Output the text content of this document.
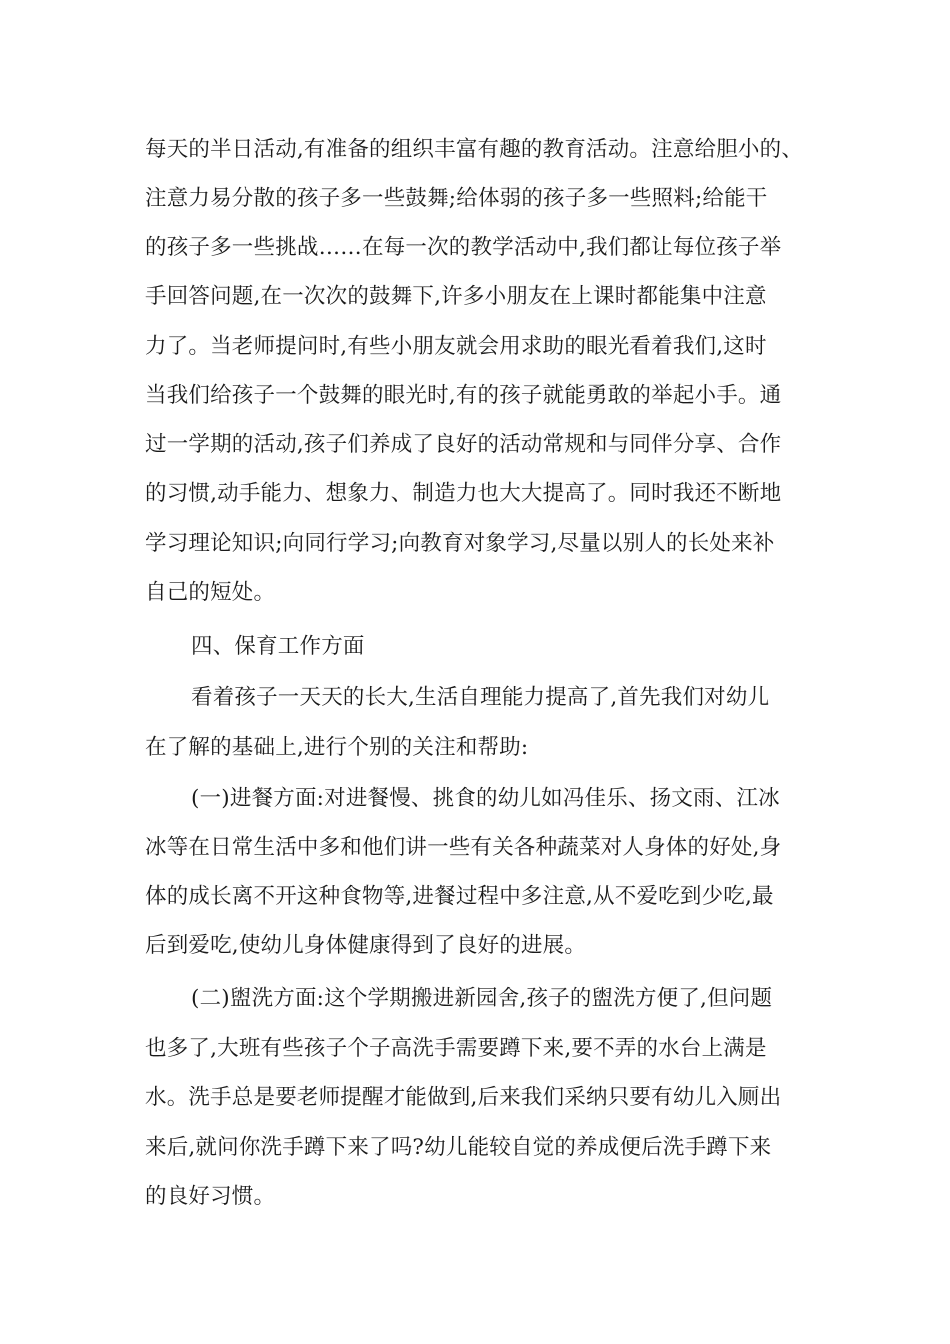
每天的半日活动,有准备的组织丰富有趣的教育活动。注意给胆小的、
注意力易分散的孩子多一些鼓舞;给体弱的孩子多一些照料;给能干
的孩子多一些挑战……在每一次的教学活动中,我们都让每位孩子举
手回答问题,在一次次的鼓舞下,许多小朋友在上课时都能集中注意
力了。当老师提问时,有些小朋友就会用求助的眼光看着我们,这时
当我们给孩子一个鼓舞的眼光时,有的孩子就能勇敢的举起小手。通
过一学期的活动,孩子们养成了良好的活动常规和与同伴分享、合作
的习惯,动手能力、想象力、制造力也大大提高了。同时我还不断地
学习理论知识;向同行学习;向教育对象学习,尽量以别人的长处来补
自己的短处。
四、保育工作方面
看着孩子一天天的长大,生活自理能力提高了,首先我们对幼儿
在了解的基础上,进行个别的关注和帮助:
(一)进餐方面:对进餐慢、挑食的幼儿如冯佳乐、扬文雨、江冰
冰等在日常生活中多和他们讲一些有关各种蔬菜对人身体的好处,身
体的成长离不开这种食物等,进餐过程中多注意,从不爱吃到少吃,最
后到爱吃,使幼儿身体健康得到了良好的进展。
(二)盥洗方面:这个学期搬进新园舍,孩子的盥洗方便了,但问题
也多了,大班有些孩子个子高洗手需要蹲下来,要不弄的水台上满是
水。洗手总是要老师提醒才能做到,后来我们采纳只要有幼儿入厕出
来后,就问你洗手蹲下来了吗?幼儿能较自觉的养成便后洗手蹲下来
的良好习惯。
